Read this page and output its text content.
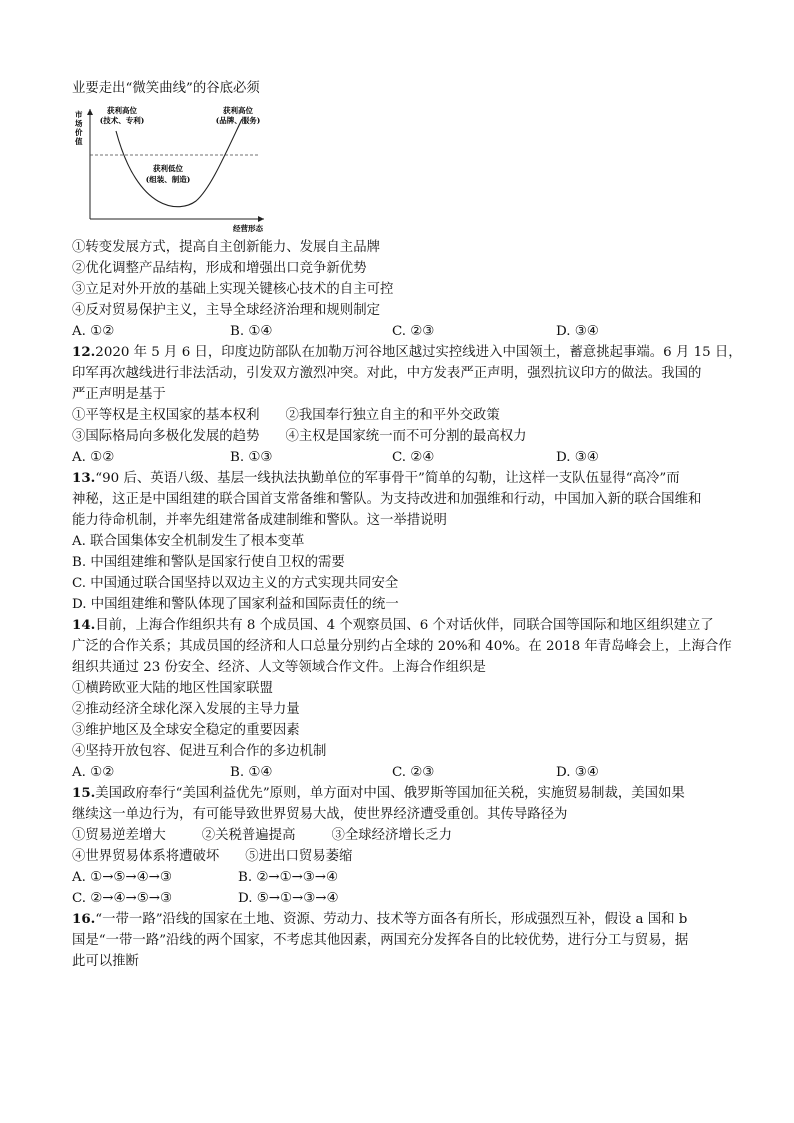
业要走出“微笑曲线”的谷底必须
市
场
价
值
获利高位
(技术、专利)
获利高位
(品牌、服务)
获利低位
(组装、制造)
经营形态
①转变发展方式，提高自主创新能力、发展自主品牌
②优化调整产品结构，形成和增强出口竞争新优势
③立足对外开放的基础上实现关键核心技术的自主可控
④反对贸易保护主义，主导全球经济治理和规则制定
A. ①②	B. ①④	C. ②③	D. ③④
12.2020 年 5 月 6 日，印度边防部队在加勒万河谷地区越过实控线进入中国领土，蓄意挑起事端。6 月 15 日，
印军再次越线进行非法活动，引发双方激烈冲突。对此，中方发表严正声明，强烈抗议印方的做法。我国的
严正声明是基于
①平等权是主权国家的基本权利 ②我国奉行独立自主的和平外交政策
③国际格局向多极化发展的趋势 ④主权是国家统一而不可分割的最高权力
A. ①②	B. ①③	C. ②④	D. ③④
13.“90 后、英语八级、基层一线执法执勤单位的军事骨干”简单的勾勒，让这样一支队伍显得“高冷”而
神秘，这正是中国组建的联合国首支常备维和警队。为支持改进和加强维和行动，中国加入新的联合国维和
能力待命机制，并率先组建常备成建制维和警队。这一举措说明
A. 联合国集体安全机制发生了根本变革
B. 中国组建维和警队是国家行使自卫权的需要
C. 中国通过联合国坚持以双边主义的方式实现共同安全
D. 中国组建维和警队体现了国家利益和国际责任的统一
14.目前，上海合作组织共有 8 个成员国、4 个观察员国、6 个对话伙伴，同联合国等国际和地区组织建立了
广泛的合作关系；其成员国的经济和人口总量分别约占全球的 20%和 40%。在 2018 年青岛峰会上，上海合作
组织共通过 23 份安全、经济、人文等领域合作文件。上海合作组织是
①横跨欧亚大陆的地区性国家联盟
②推动经济全球化深入发展的主导力量
③维护地区及全球安全稳定的重要因素
④坚持开放包容、促进互利合作的多边机制
A. ①②	B. ①④	C. ②③	D. ③④
15.美国政府奉行“美国利益优先”原则，单方面对中国、俄罗斯等国加征关税，实施贸易制裁，美国如果
继续这一单边行为，有可能导致世界贸易大战，使世界经济遭受重创。其传导路径为
①贸易逆差增大	②关税普遍提高	③全球经济增长乏力
④世界贸易体系将遭破坏 ⑤进出口贸易萎缩
A. ①→⑤→④→③	B. ②→①→③→④
C. ②→④→⑤→③	D. ⑤→①→③→④
16.“一带一路”沿线的国家在土地、资源、劳动力、技术等方面各有所长，形成强烈互补，假设 a 国和 b
国是“一带一路”沿线的两个国家，不考虑其他因素，两国充分发挥各自的比较优势，进行分工与贸易，据
此可以推断
